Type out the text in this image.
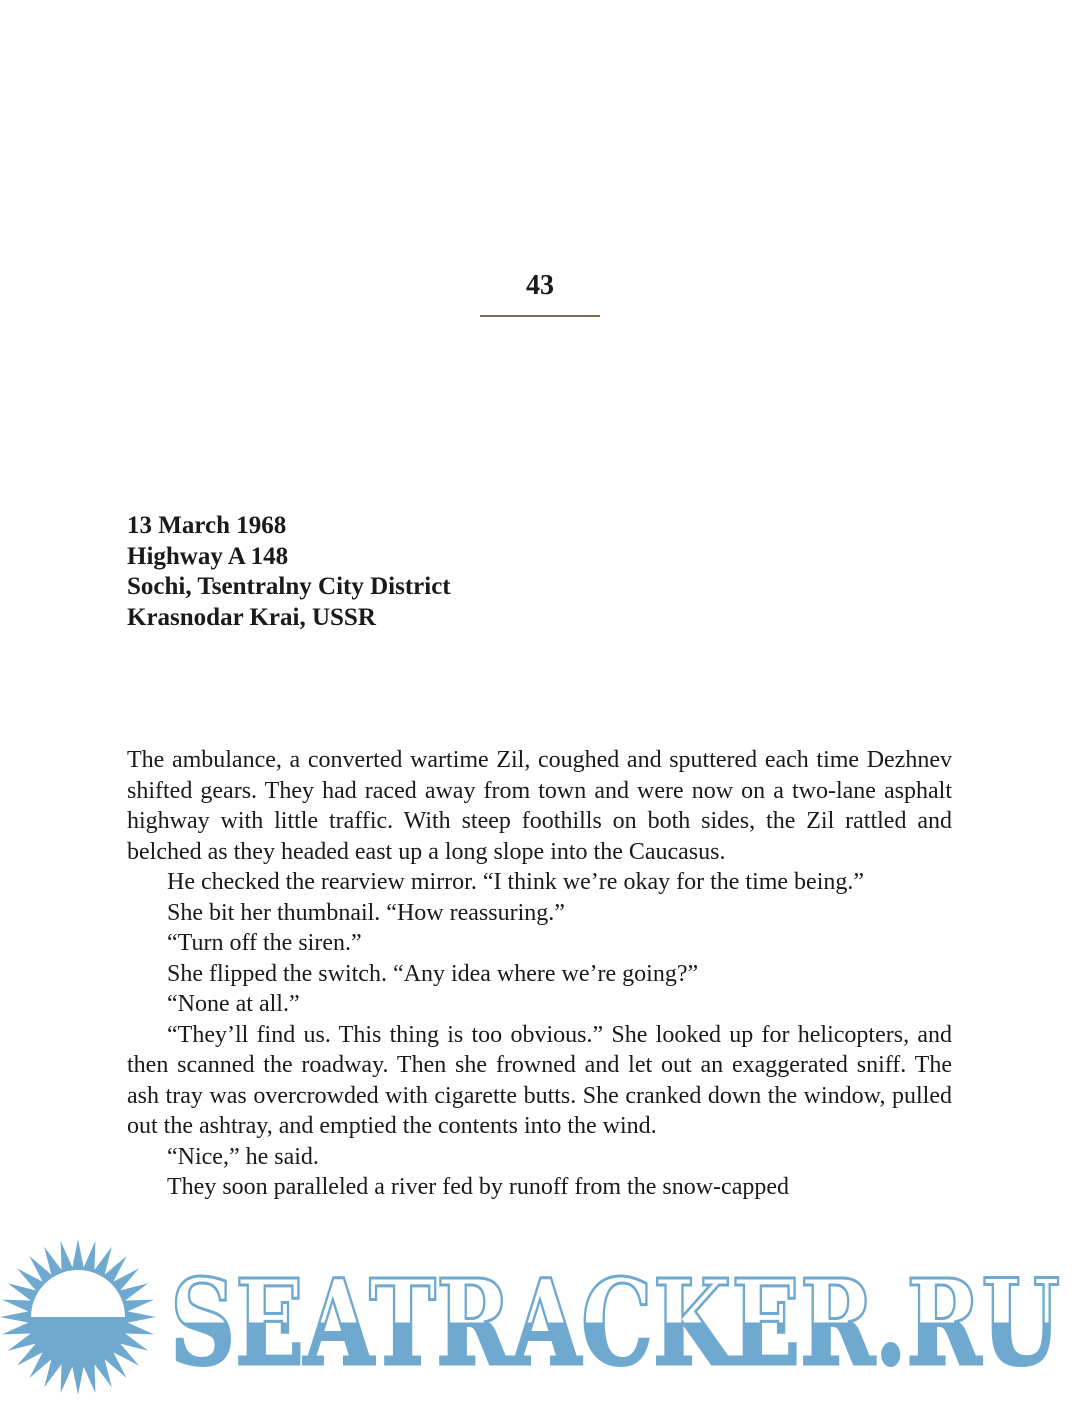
43
13 March 1968
Highway A 148
Sochi, Tsentralny City District
Krasnodar Krai, USSR

The ambulance, a converted wartime Zil, coughed and sputtered each time Dezhnev shifted gears. They had raced away from town and were now on a two-lane asphalt highway with little traffic. With steep foothills on both sides, the Zil rattled and belched as they headed east up a long slope into the Caucasus.

He checked the rearview mirror. “I think we’re okay for the time being.”

She bit her thumbnail. “How reassuring.”

“Turn off the siren.”

She flipped the switch. “Any idea where we’re going?”

“None at all.”

“They’ll find us. This thing is too obvious.” She looked up for helicopters, and then scanned the roadway. Then she frowned and let out an exaggerated sniff. The ash tray was overcrowded with cigarette butts. She cranked down the window, pulled out the ashtray, and emptied the contents into the wind.

“Nice,” he said.

They soon paralleled a river fed by runoff from the snow-capped

SEATRACKER.RU
